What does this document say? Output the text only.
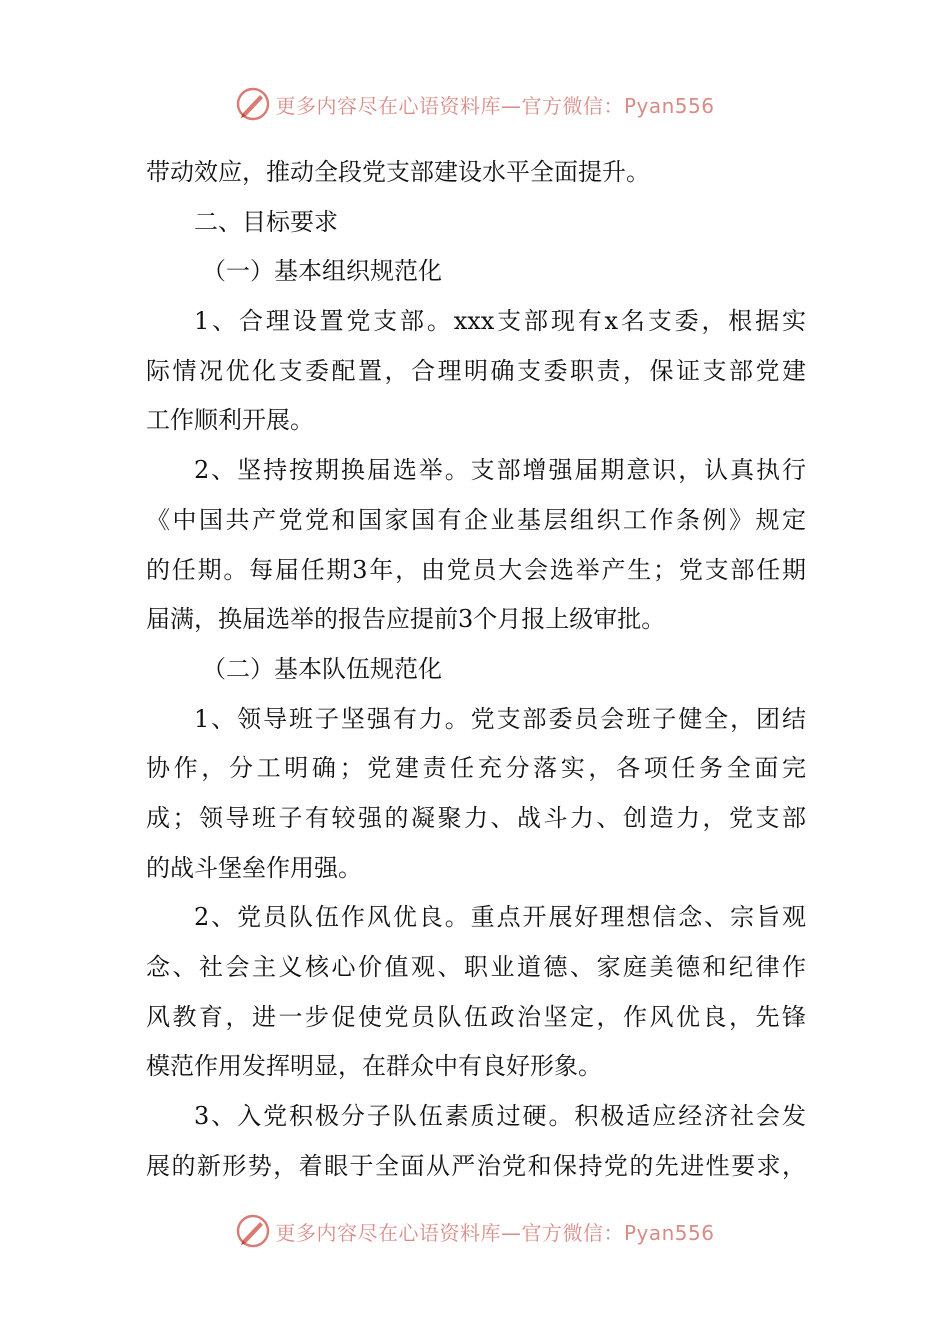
更多内容尽在心语资料库—官方微信：Pyan556
带动效应，推动全段党支部建设水平全面提升。
二、目标要求
（一）基本组织规范化
1、合理设置党支部。xxx支部现有x名支委，根据实
际情况优化支委配置，合理明确支委职责，保证支部党建
工作顺利开展。
2、坚持按期换届选举。支部增强届期意识，认真执行
《中国共产党党和国家国有企业基层组织工作条例》规定
的任期。每届任期3年，由党员大会选举产生；党支部任期
届满，换届选举的报告应提前3个月报上级审批。
（二）基本队伍规范化
1、领导班子坚强有力。党支部委员会班子健全，团结
协作，分工明确；党建责任充分落实，各项任务全面完
成；领导班子有较强的凝聚力、战斗力、创造力，党支部
的战斗堡垒作用强。
2、党员队伍作风优良。重点开展好理想信念、宗旨观
念、社会主义核心价值观、职业道德、家庭美德和纪律作
风教育，进一步促使党员队伍政治坚定，作风优良，先锋
模范作用发挥明显，在群众中有良好形象。
3、入党积极分子队伍素质过硬。积极适应经济社会发
展的新形势，着眼于全面从严治党和保持党的先进性要求，
更多内容尽在心语资料库—官方微信：Pyan556
